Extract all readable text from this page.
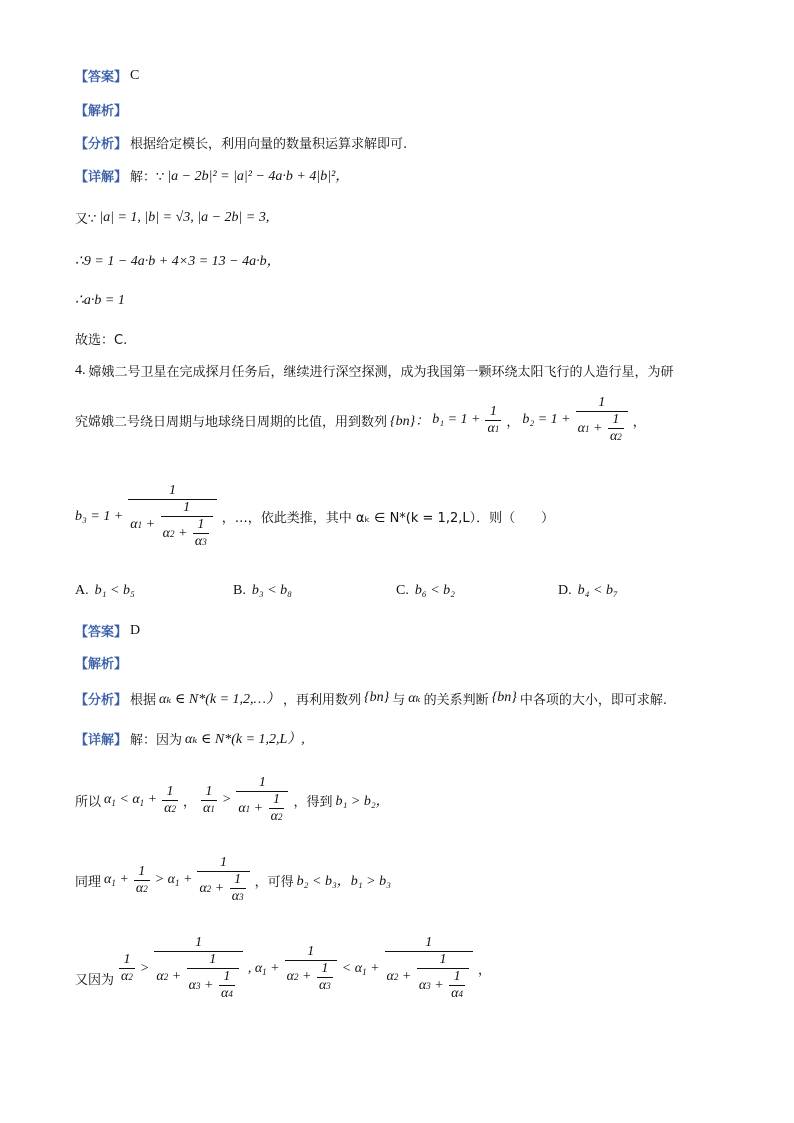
【答案】 C
【解析】
【分析】 根据给定模长，利用向量的数量积运算求解即可.
【详解】 解：∵ |a − 2b|² = |a|² − 4a·b + 4|b|²，
又∵ |a| = 1, |b| = √3, |a − 2b| = 3,
∴9 = 1 − 4a·b + 4×3 = 13 − 4a·b，
∴a·b = 1
故选：C.
4. 嫦娥二号卫星在完成探月任务后，继续进行深空探测，成为我国第一颗环绕太阳飞行的人造行星，为研
究嫦娥二号绕日周期与地球绕日周期的比值，用到数列 {bn}： $b_1 = 1 + \frac{1}{\alpha 1}$ ， $b_2 = 1 + \frac{1}{\alpha 1 + \frac{1}{\alpha 2}}$ ，
$b_3 = 1 + \frac{1}{\alpha 1 + \frac{1}{\alpha 2 + \frac{1}{\alpha 3}}}$ ，…，依此类推，其中 αₖ ∈ N*(k = 1,2,L）．则（　　）
A. b₁ < b₅	B. b₃ < b₈	C. b₆ < b₂	D. b₄ < b₇
【答案】 D
【解析】
【分析】 根据 αₖ ∈ N*(k = 1,2,…） ，再利用数列 {bn} 与 αₖ 的关系判断 {bn} 中各项的大小，即可求解.
【详解】 解：因为 αₖ ∈ N*(k = 1,2,L）,
所以 $\alpha_1 < \alpha_1 + \frac{1}{\alpha 2}$ ， $\frac{1}{\alpha 1} > \frac{1}{\alpha 1 + \frac{1}{\alpha 2}}$ ，得到 b₁ > b₂，
同理 $\alpha_1 + \frac{1}{\alpha 2} > \alpha_1 + \frac{1}{\alpha 2 + \frac{1}{\alpha 3}}$ ，可得 b₂ < b₃，b₁ > b₃
又因为 $\frac{1}{\alpha 2} > \frac{1}{\alpha 2 + \frac{1}{\alpha 3 + \frac{1}{\alpha 4}}}$ , $\alpha_1 + \frac{1}{\alpha 2 + \frac{1}{\alpha 3}} < \alpha_1 + \frac{1}{\alpha 2 + \frac{1}{\alpha 3 + \frac{1}{\alpha 4}}}$ ，
